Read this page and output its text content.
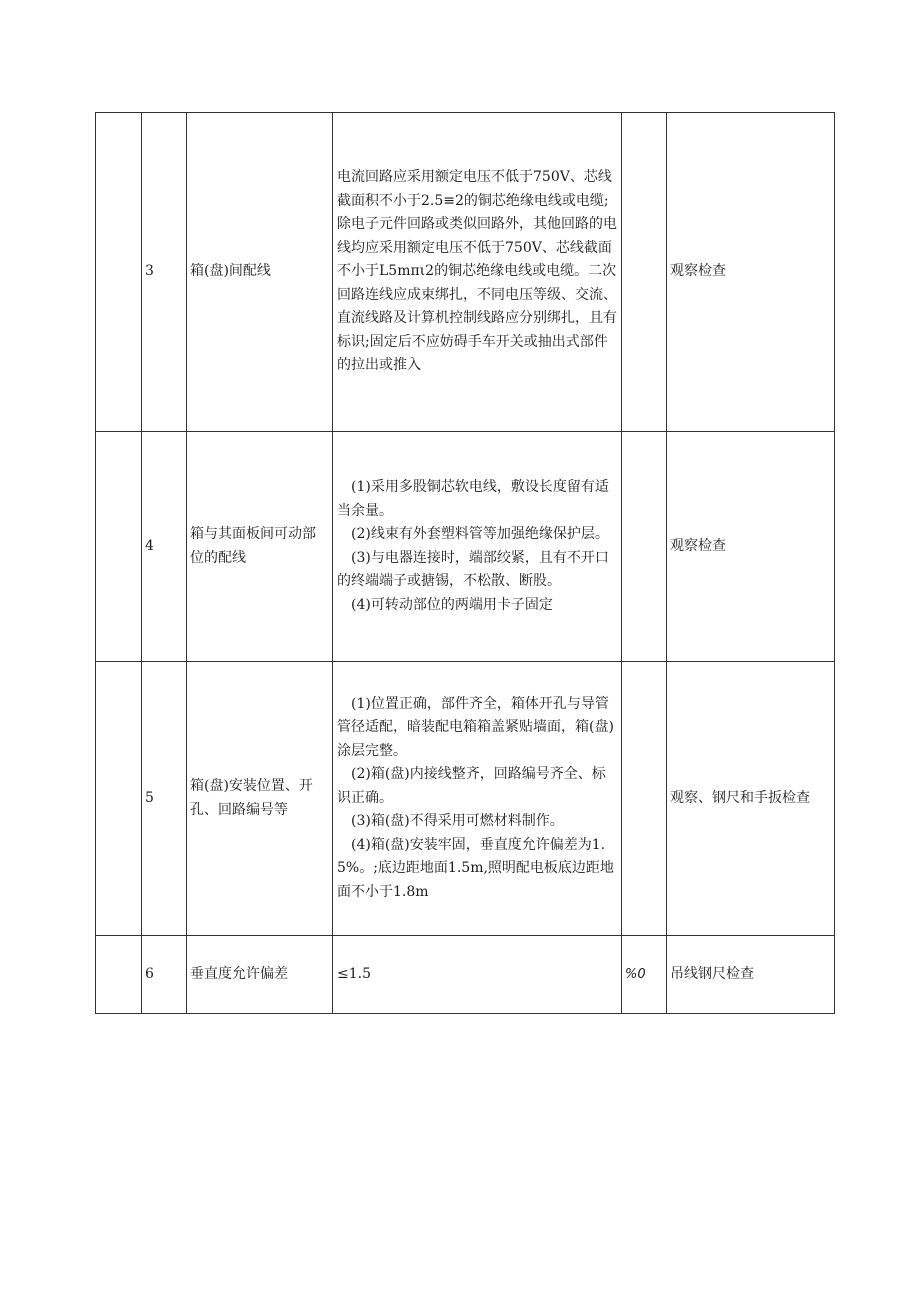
	3	箱(盘)间配线	电流回路应采用额定电压不低于750V、芯线截面积不小于2.5≡2的铜芯绝缘电线或电缆;除电子元件回路或类似回路外，其他回路的电线均应采用额定电压不低于750V、芯线截面不小于L5mπι2的铜芯绝缘电线或电缆。二次回路连线应成束绑扎，不同电压等级、交流、直流线路及计算机控制线路应分别绑扎，且有标识;固定后不应妨碍手车开关或抽出式部件的拉出或推入		观察检查
	4	箱与其面板间可动部位的配线	(1)采用多股铜芯软电线，敷设长度留有适当余量。

(2)线束有外套塑料管等加强绝缘保护层。

(3)与电器连接时，端部绞紧，且有不开口的终端端子或搪锡，不松散、断股。

(4)可转动部位的两端用卡子固定		观察检查
	5	箱(盘)安装位置、开孔、回路编号等	(1)位置正确，部件齐全，箱体开孔与导管管径适配，暗装配电箱箱盖紧贴墙面，箱(盘)涂层完整。

(2)箱(盘)内接线整齐，回路编号齐全、标识正确。

(3)箱(盘)不得采用可燃材料制作。

(4)箱(盘)安装牢固，垂直度允许偏差为1.5%。;底边距地面1.5m,照明配电板底边距地面不小于1.8m		观察、钢尺和手扳检查
	6	垂直度允许偏差	≤1.5	%0	吊线钢尺检查
